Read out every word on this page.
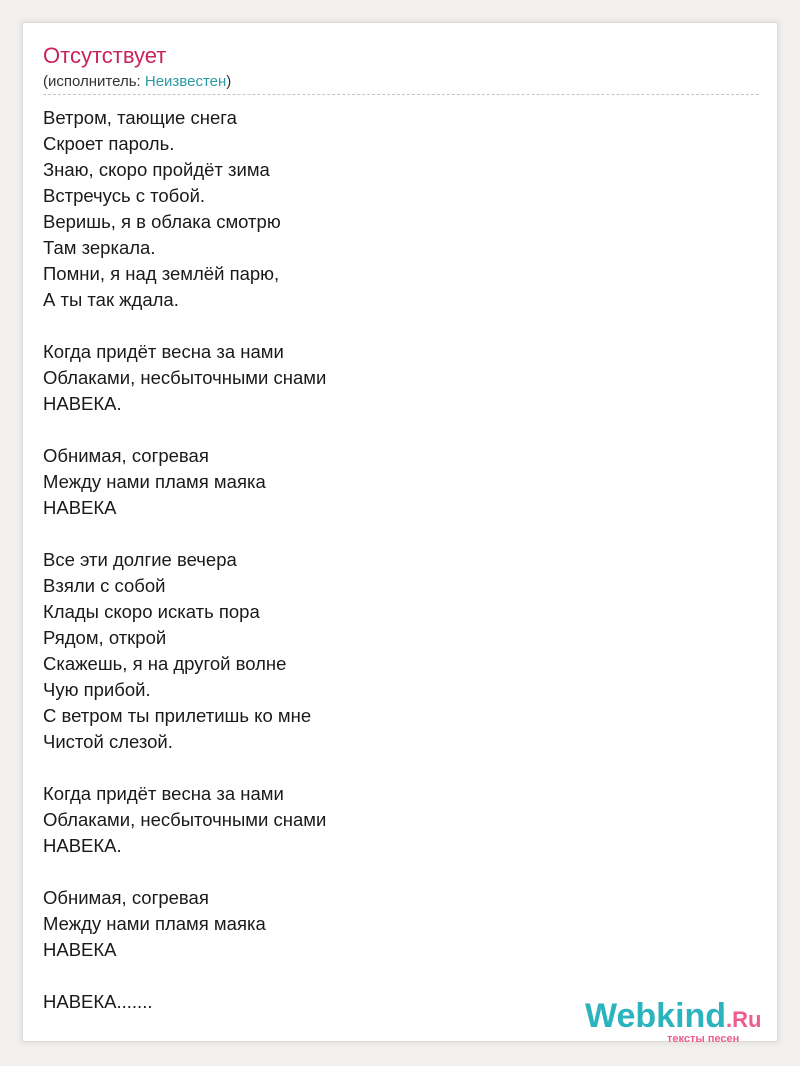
Отсутствует
(исполнитель: Неизвестен)
Ветром, тающие снега
Скроет пароль.
Знаю, скоро пройдёт зима
Встречусь с тобой.
Веришь, я в облака смотрю
Там зеркала.
Помни, я над землёй парю,
А ты так ждала.
Когда придёт весна за нами
Облаками, несбыточными снами
НАВЕКА.
Обнимая, согревая
Между нами пламя маяка
НАВЕКА
Все эти долгие вечера
Взяли с собой
Клады скоро искать пора
Рядом, открой
Скажешь, я на другой волне
Чую прибой.
С ветром ты прилетишь ко мне
Чистой слезой.
Когда придёт весна за нами
Облаками, несбыточными снами
НАВЕКА.
Обнимая, согревая
Между нами пламя маяка
НАВЕКА
НАВЕКА.......	Webkind.Ru
тексты песен
